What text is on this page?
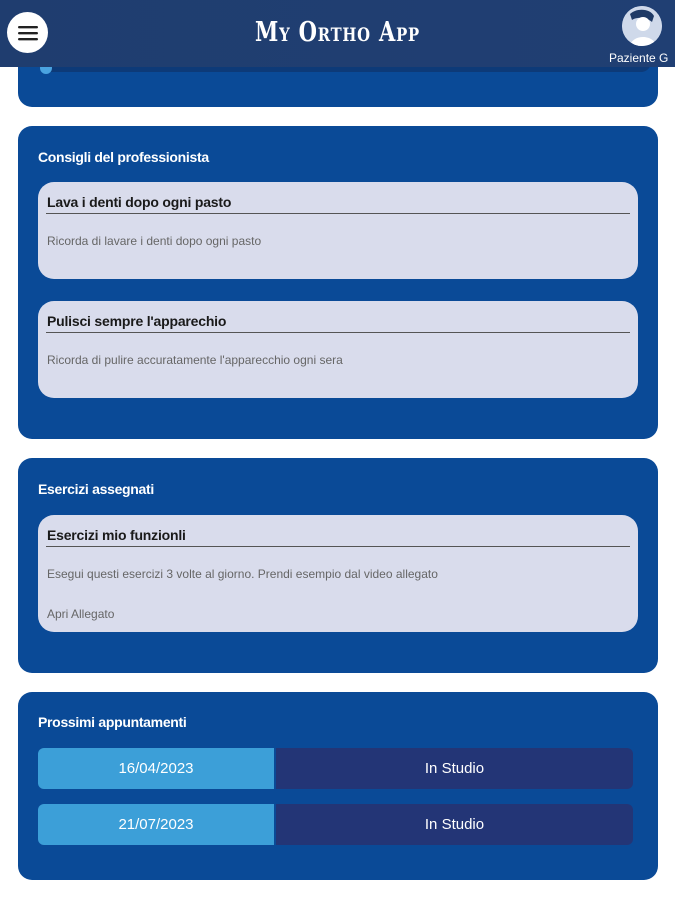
My Ortho App
Paziente G
Consigli del professionista
Lava i denti dopo ogni pasto
Ricorda di lavare i denti dopo ogni pasto
Pulisci sempre l'apparechio
Ricorda di pulire accuratamente l'apparecchio ogni sera
Esercizi assegnati
Esercizi mio funzionli
Esegui questi esercizi 3 volte al giorno. Prendi esempio dal video allegato
Apri Allegato
Prossimi appuntamenti
16/04/2023	In Studio
21/07/2023	In Studio
